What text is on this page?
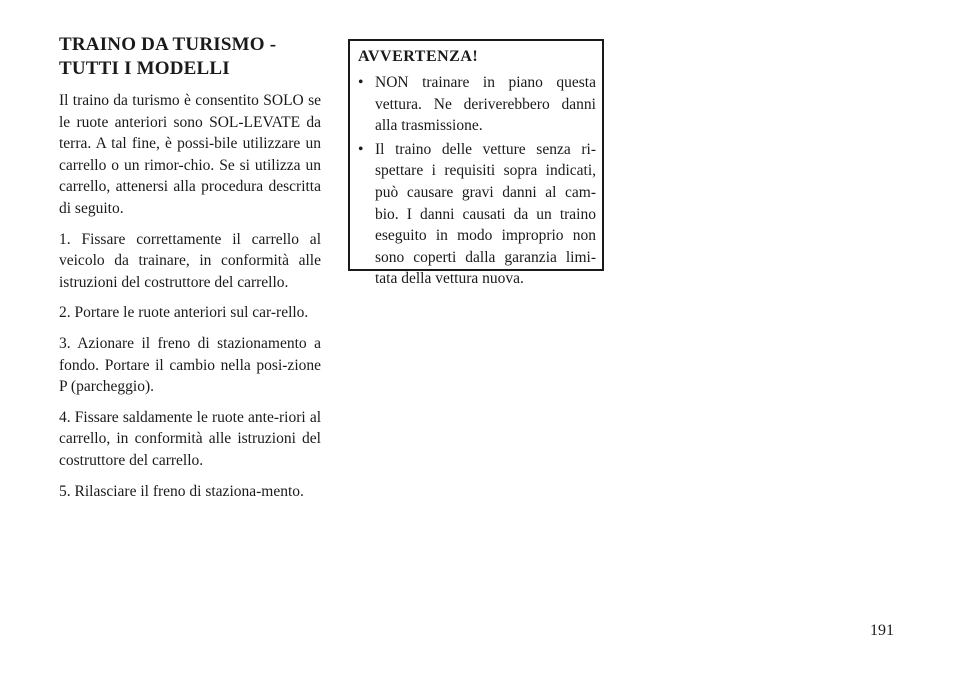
TRAINO DA TURISMO -
TUTTI I MODELLI

Il traino da turismo è consentito SOLO se le ruote anteriori sono SOL-LEVATE da terra. A tal fine, è possi-bile utilizzare un carrello o un rimor-chio. Se si utilizza un carrello, attenersi alla procedura descritta di seguito.

1. Fissare correttamente il carrello al veicolo da trainare, in conformità alle istruzioni del costruttore del carrello.

2. Portare le ruote anteriori sul car-rello.

3. Azionare il freno di stazionamento a fondo. Portare il cambio nella posi-zione P (parcheggio).

4. Fissare saldamente le ruote ante-riori al carrello, in conformità alle istruzioni del costruttore del carrello.

5. Rilasciare il freno di staziona-mento.

AVVERTENZA!
• NON trainare in piano questa vettura. Ne deriverebbero danni alla trasmissione.
• Il traino delle vetture senza ri-spettare i requisiti sopra indicati, può causare gravi danni al cam-bio. I danni causati da un traino eseguito in modo improprio non sono coperti dalla garanzia limi-tata della vettura nuova.
191
